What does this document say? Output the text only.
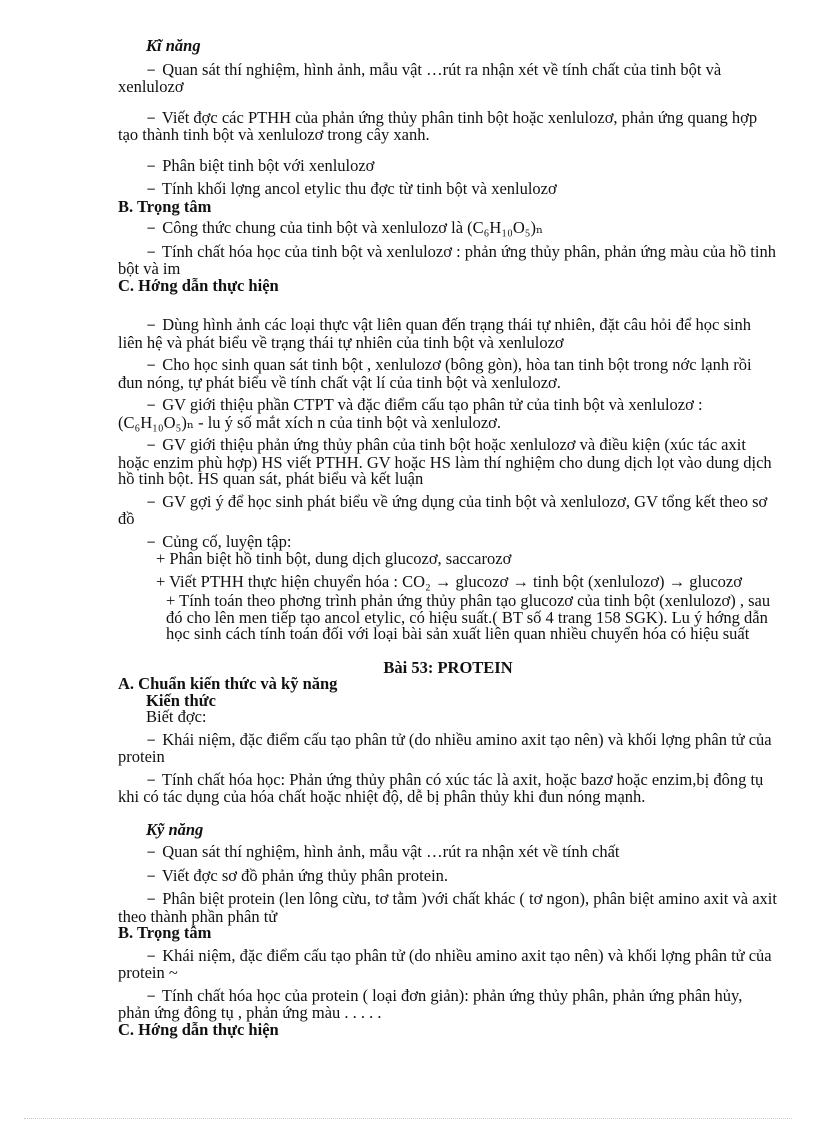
Kĩ năng
− Quan sát thí nghiệm, hình ảnh, mẫu vật …rút ra nhận xét về tính chất của tinh bột và xenlulozơ
− Viết đợc các PTHH của phản ứng thủy phân tinh bột hoặc xenlulozơ, phản ứng quang hợp tạo thành tinh bột và xenlulozơ trong cây xanh.
− Phân biệt tinh bột với xenlulozơ
− Tính khối lợng ancol etylic thu đợc từ tinh bột và xenlulozơ
B. Trọng tâm
− Công thức chung của tinh bột và xenlulozơ là (C₆H₁₀O₅)ₙ
− Tính chất hóa học của tinh bột và xenlulozơ : phản ứng thủy phân, phản ứng màu của hồ tinh bột và im
C. Hớng dẫn thực hiện
− Dùng hình ảnh các loại thực vật liên quan đến trạng thái tự nhiên, đặt câu hỏi để học sinh liên hệ và phát biểu về trạng thái tự nhiên của tinh bột và xenlulozơ
− Cho học sinh quan sát tinh bột , xenlulozơ (bông gòn), hòa tan tinh bột trong nớc lạnh rồi đun nóng, tự phát biểu về tính chất vật lí của tinh bột và xenlulozơ.
− GV giới thiệu phần CTPT và đặc điểm cấu tạo phân tử của tinh bột và xenlulozơ : (C₆H₁₀O₅)ₙ - lu ý số mắt xích n của tinh bột và xenlulozơ.
− GV giới thiệu phản ứng thủy phân của tinh bột hoặc xenlulozơ và điều kiện (xúc tác axit hoặc enzim phù hợp) HS viết PTHH. GV hoặc HS làm thí nghiệm cho dung dịch lọt vào dung dịch hồ tinh bột. HS quan sát, phát biểu và kết luận
− GV gợi ý để học sinh phát biểu về ứng dụng của tinh bột và xenlulozơ, GV tổng kết theo sơ đồ
− Củng cố, luyện tập:
+ Phân biệt hồ tinh bột, dung dịch glucozơ, saccarozơ
+ Viết PTHH thực hiện chuyển hóa : CO₂ → glucozơ → tinh bột (xenlulozơ) → glucozơ
+ Tính toán theo phơng trình phản ứng thủy phân tạo glucozơ của tinh bột (xenlulozơ) , sau đó cho lên men tiếp tạo ancol etylic, có hiệu suất.( BT số 4 trang 158 SGK). Lu ý hớng dẫn học sinh cách tính toán đối với loại bài sản xuất liên quan nhiều chuyển hóa có hiệu suất
Bài 53: PROTEIN
A. Chuẩn kiến thức và kỹ năng
Kiến thức
Biết đợc:
− Khái niệm, đặc điểm cấu tạo phân tử (do nhiều amino axit tạo nên) và khối lợng phân tử của protein
− Tính chất hóa học: Phản ứng thủy phân có xúc tác là axit, hoặc bazơ hoặc enzim,bị đông tụ khi có tác dụng của hóa chất hoặc nhiệt độ, dễ bị phân thủy khi đun nóng mạnh.
Kỹ năng
− Quan sát thí nghiệm, hình ảnh, mẫu vật …rút ra nhận xét về tính chất
− Viết đợc sơ đồ phản ứng thủy phân protein.
− Phân biệt protein (len lông cừu, tơ tằm )với chất khác ( tơ ngon), phân biệt amino axit và axit theo thành phần phân tử
B. Trọng tâm
− Khái niệm, đặc điểm cấu tạo phân tử (do nhiều amino axit tạo nên) và khối lợng phân tử của protein ~
− Tính chất hóa học của protein ( loại đơn giản): phản ứng thủy phân, phản ứng phân hủy, phản ứng đông tụ , phản ứng màu . . . . .
C. Hớng dẫn thực hiện
